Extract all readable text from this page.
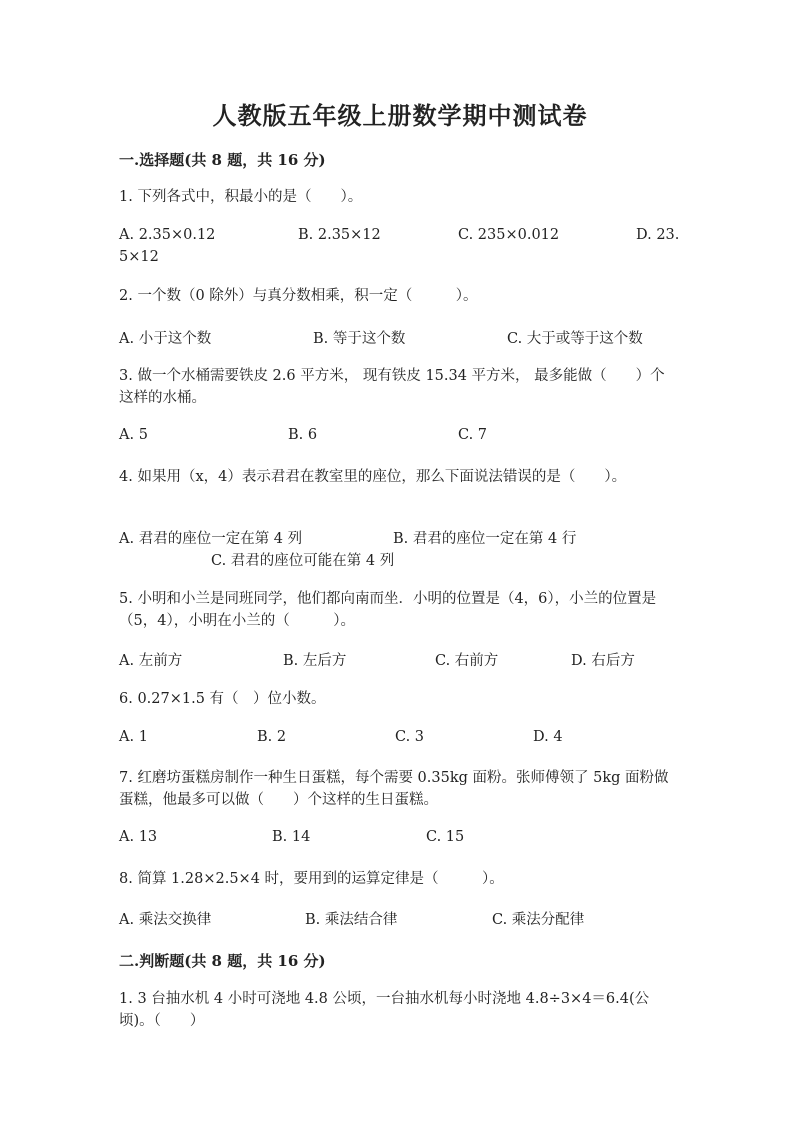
人教版五年级上册数学期中测试卷
一.选择题(共 8 题，共 16 分)
1. 下列各式中，积最小的是（　　）。
A. 2.35×0.12	B. 2.35×12	C. 235×0.012	D. 23.
5×12
2. 一个数（0 除外）与真分数相乘，积一定（　　　）。
A. 小于这个数	B. 等于这个数	C. 大于或等于这个数
3. 做一个水桶需要铁皮 2.6 平方米， 现有铁皮 15.34 平方米， 最多能做（　　）个这样的水桶。
A. 5	B. 6	C. 7
4. 如果用（x，4）表示君君在教室里的座位，那么下面说法错误的是（　　）。
A. 君君的座位一定在第 4 列	B. 君君的座位一定在第 4 行
C. 君君的座位可能在第 4 列
5. 小明和小兰是同班同学，他们都向南而坐．小明的位置是（4，6），小兰的位置是（5，4），小明在小兰的（　　　）。
A. 左前方	B. 左后方	C. 右前方	D. 右后方
6. 0.27×1.5 有（　）位小数。
A. 1	B. 2	C. 3	D. 4
7. 红磨坊蛋糕房制作一种生日蛋糕，每个需要 0.35kg 面粉。张师傅领了 5kg 面粉做蛋糕，他最多可以做（　　）个这样的生日蛋糕。
A. 13	B. 14	C. 15
8. 简算 1.28×2.5×4 时，要用到的运算定律是（　　　）。
A. 乘法交换律	B. 乘法结合律	C. 乘法分配律
二.判断题(共 8 题，共 16 分)
1. 3 台抽水机 4 小时可浇地 4.8 公顷，一台抽水机每小时浇地 4.8÷3×4＝6.4(公顷)。（　　）
